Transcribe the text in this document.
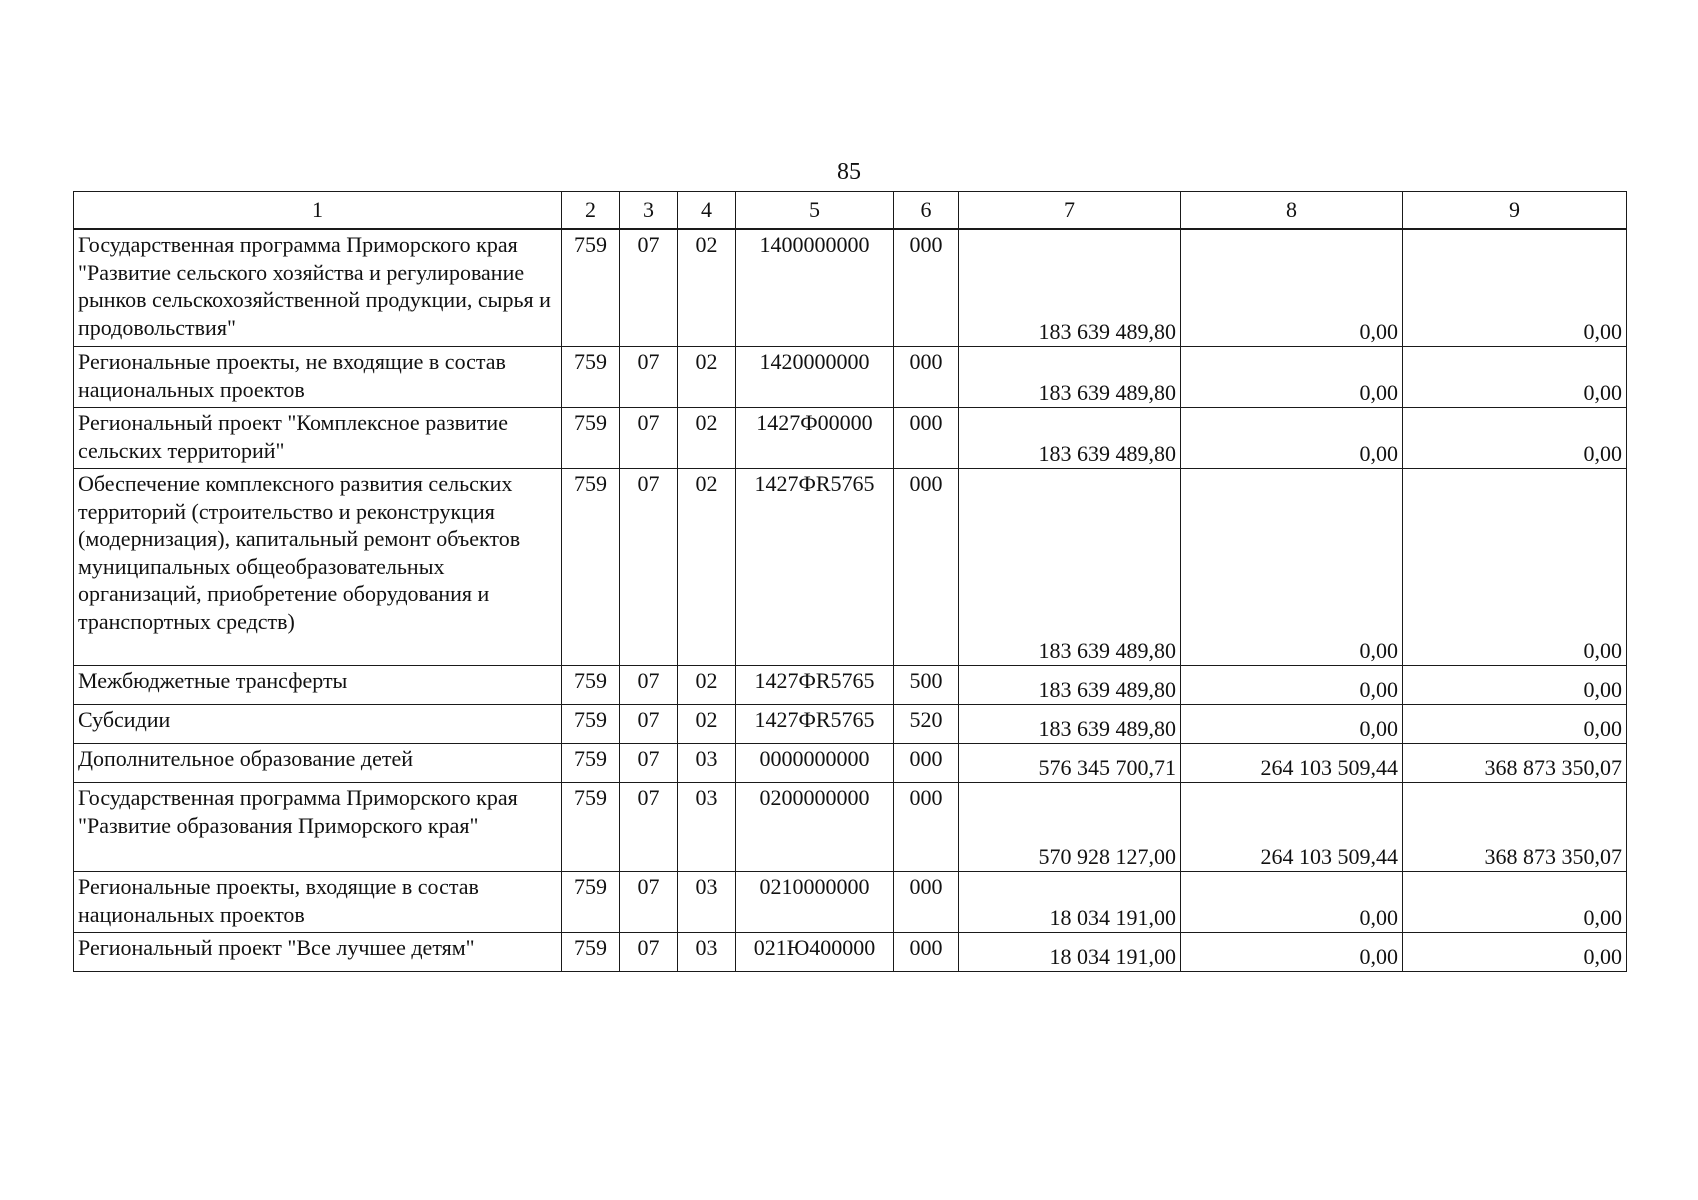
85
1	2	3	4	5	6	7	8	9
Государственная программа Приморского края "Развитие сельского хозяйства и регулирование рынков сельскохозяйственной продукции, сырья и продовольствия"	759	07	02	1400000000	000	183 639 489,80	0,00	0,00
Региональные проекты, не входящие в состав национальных проектов	759	07	02	1420000000	000	183 639 489,80	0,00	0,00
Региональный проект "Комплексное развитие сельских территорий"	759	07	02	1427Ф00000	000	183 639 489,80	0,00	0,00
Обеспечение комплексного развития сельских территорий (строительство и реконструкция (модернизация), капитальный ремонт объектов муниципальных общеобразовательных организаций, приобретение оборудования и транспортных средств)	759	07	02	1427ФR5765	000	183 639 489,80	0,00	0,00
Межбюджетные трансферты	759	07	02	1427ФR5765	500	183 639 489,80	0,00	0,00
Субсидии	759	07	02	1427ФR5765	520	183 639 489,80	0,00	0,00
Дополнительное образование детей	759	07	03	0000000000	000	576 345 700,71	264 103 509,44	368 873 350,07
Государственная программа Приморского края "Развитие образования Приморского края"	759	07	03	0200000000	000	570 928 127,00	264 103 509,44	368 873 350,07
Региональные проекты, входящие в состав национальных проектов	759	07	03	0210000000	000	18 034 191,00	0,00	0,00
Региональный проект "Все лучшее детям"	759	07	03	021Ю400000	000	18 034 191,00	0,00	0,00
